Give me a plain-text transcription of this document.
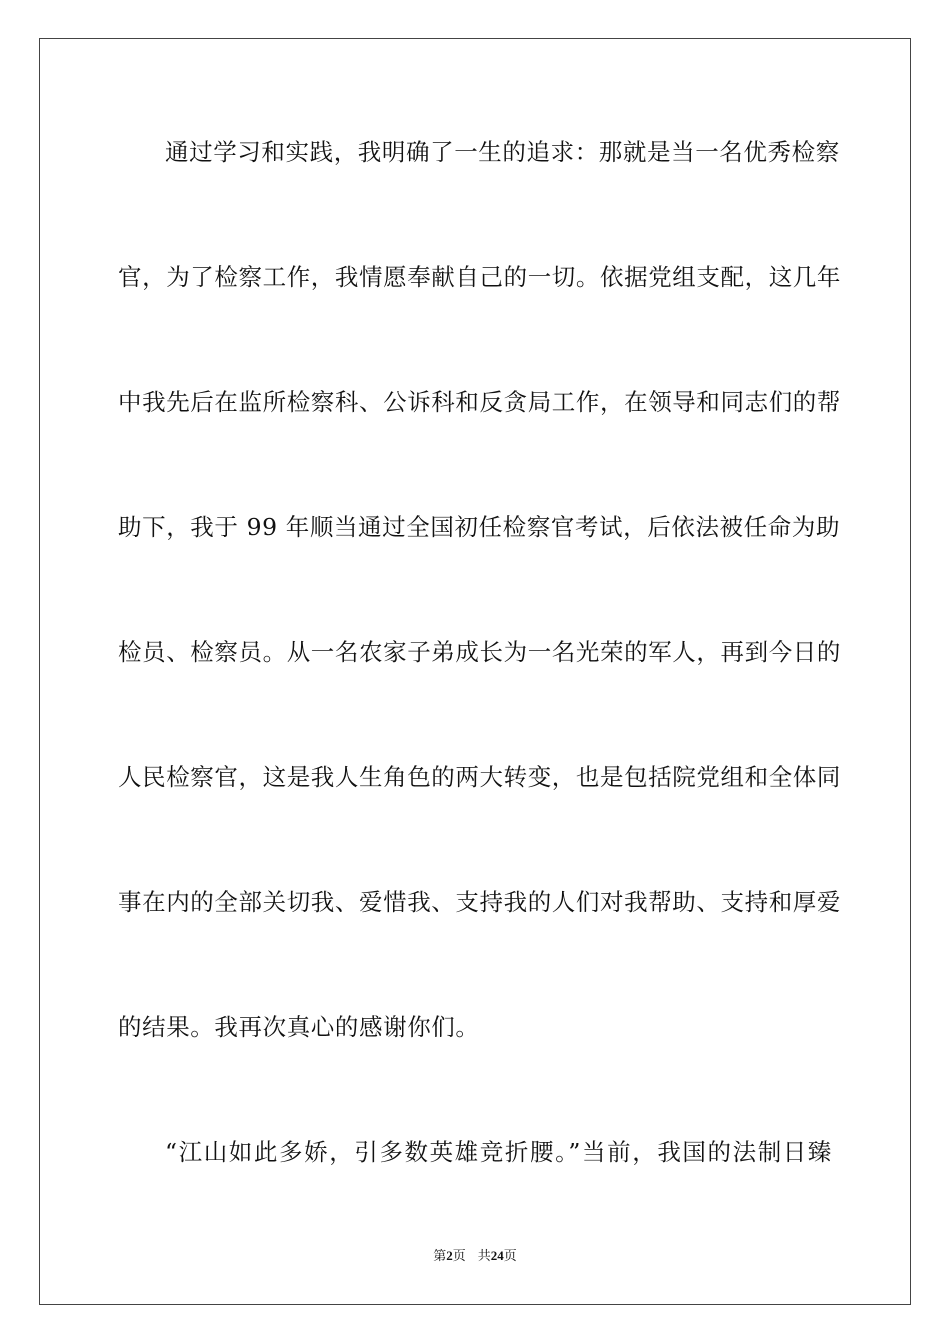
通过学习和实践，我明确了一生的追求：那就是当一名优秀检察
官，为了检察工作，我情愿奉献自己的一切。依据党组支配，这几年
中我先后在监所检察科、公诉科和反贪局工作，在领导和同志们的帮
助下，我于 99 年顺当通过全国初任检察官考试，后依法被任命为助
检员、检察员。从一名农家子弟成长为一名光荣的军人，再到今日的
人民检察官，这是我人生角色的两大转变，也是包括院党组和全体同
事在内的全部关切我、爱惜我、支持我的人们对我帮助、支持和厚爱
的结果。我再次真心的感谢你们。
“江山如此多娇，引多数英雄竞折腰。”当前，我国的法制日臻
第2页 共24页
